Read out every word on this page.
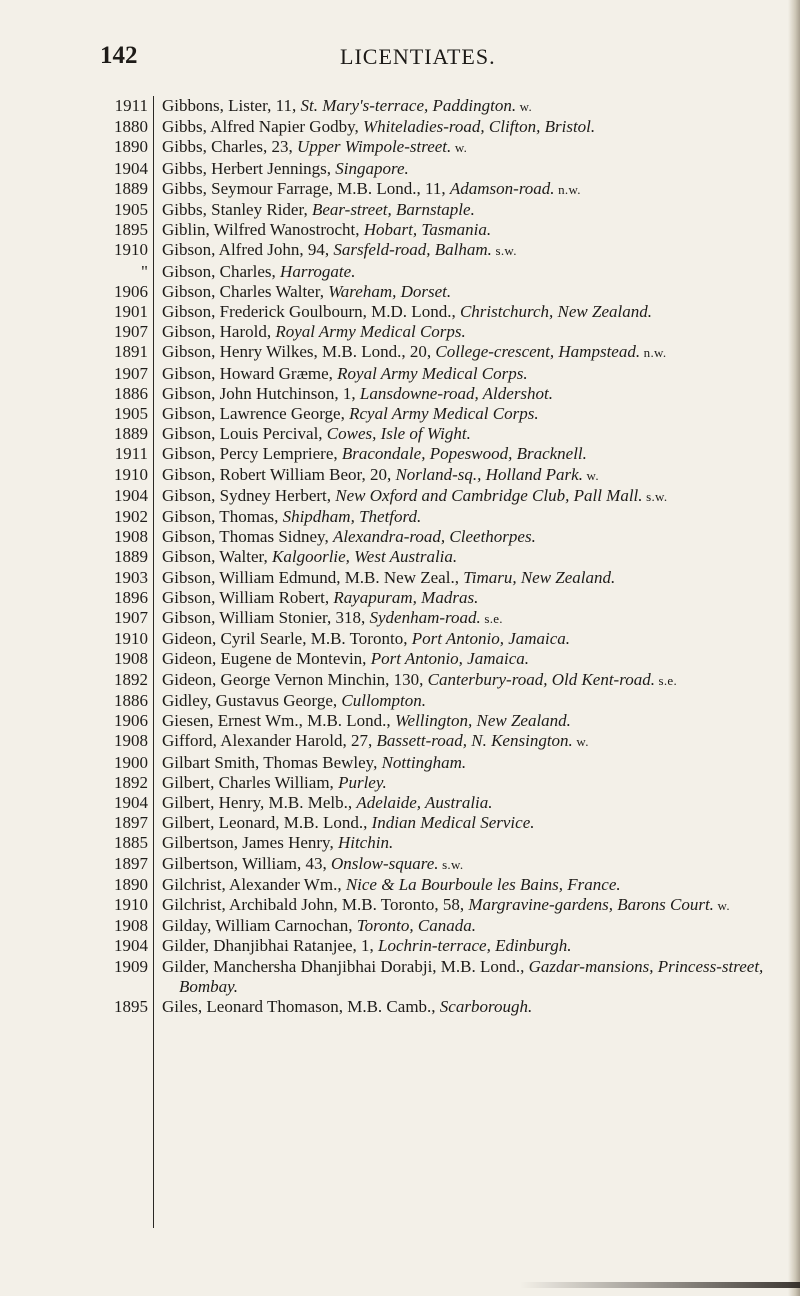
142	LICENTIATES.
1911 Gibbons, Lister, 11, St. Mary's-terrace, Paddington. w.
1880 Gibbs, Alfred Napier Godby, Whiteladies-road, Clifton, Bristol.
1890 Gibbs, Charles, 23, Upper Wimpole-street. w.
1904 Gibbs, Herbert Jennings, Singapore.
1889 Gibbs, Seymour Farrage, M.B. Lond., 11, Adamson-road. n.w.
1905 Gibbs, Stanley Rider, Bear-street, Barnstaple.
1895 Giblin, Wilfred Wanostrocht, Hobart, Tasmania.
1910 Gibson, Alfred John, 94, Sarsfeld-road, Balham. s.w.
" Gibson, Charles, Harrogate.
1906 Gibson, Charles Walter, Wareham, Dorset.
1901 Gibson, Frederick Goulbourn, M.D. Lond., Christchurch, New Zealand.
1907 Gibson, Harold, Royal Army Medical Corps.
1891 Gibson, Henry Wilkes, M.B. Lond., 20, College-crescent, Hampstead. n.w.
1907 Gibson, Howard Græme, Royal Army Medical Corps.
1886 Gibson, John Hutchinson, 1, Lansdowne-road, Aldershot.
1905 Gibson, Lawrence George, Rcyal Army Medical Corps.
1889 Gibson, Louis Percival, Cowes, Isle of Wight.
1911 Gibson, Percy Lempriere, Bracondale, Popeswood, Bracknell.
1910 Gibson, Robert William Beor, 20, Norland-sq., Holland Park. w.
1904 Gibson, Sydney Herbert, New Oxford and Cambridge Club, Pall Mall. s.w.
1902 Gibson, Thomas, Shipdham, Thetford.
1908 Gibson, Thomas Sidney, Alexandra-road, Cleethorpes.
1889 Gibson, Walter, Kalgoorlie, West Australia.
1903 Gibson, William Edmund, M.B. New Zeal., Timaru, New Zealand.
1896 Gibson, William Robert, Rayapuram, Madras.
1907 Gibson, William Stonier, 318, Sydenham-road. s.e.
1910 Gideon, Cyril Searle, M.B. Toronto, Port Antonio, Jamaica.
1908 Gideon, Eugene de Montevin, Port Antonio, Jamaica.
1892 Gideon, George Vernon Minchin, 130, Canterbury-road, Old Kent-road. s.e.
1886 Gidley, Gustavus George, Cullompton.
1906 Giesen, Ernest Wm., M.B. Lond., Wellington, New Zealand.
1908 Gifford, Alexander Harold, 27, Bassett-road, N. Kensington. w.
1900 Gilbart Smith, Thomas Bewley, Nottingham.
1892 Gilbert, Charles William, Purley.
1904 Gilbert, Henry, M.B. Melb., Adelaide, Australia.
1897 Gilbert, Leonard, M.B. Lond., Indian Medical Service.
1885 Gilbertson, James Henry, Hitchin.
1897 Gilbertson, William, 43, Onslow-square. s.w.
1890 Gilchrist, Alexander Wm., Nice & La Bourboule les Bains, France.
1910 Gilchrist, Archibald John, M.B. Toronto, 58, Margravine-gardens, Barons Court. w.
1908 Gilday, William Carnochan, Toronto, Canada.
1904 Gilder, Dhanjibhai Ratanjee, 1, Lochrin-terrace, Edinburgh.
1909 Gilder, Manchersha Dhanjibhai Dorabji, M.B. Lond., Gazdar-mansions, Princess-street, Bombay.
1895 Giles, Leonard Thomason, M.B. Camb., Scarborough.
